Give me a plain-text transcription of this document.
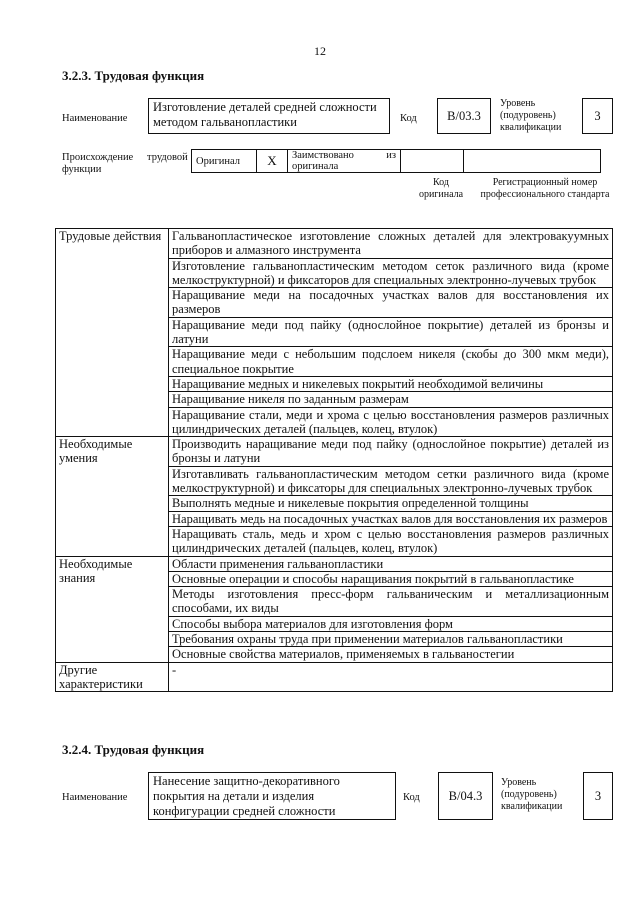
12
3.2.3. Трудовая функция
Наименование
Изготовление деталей средней сложности методом гальванопластики	Код	В/03.3
Уровень (подуровень) квалификации
3
Происхождение трудовой
функции
Оригинал	X	Заимствовано	из

оригинала		
Код оригинала
Регистрационный номер профессионального стандарта
Трудовые действия	Гальванопластическое изготовление сложных деталей для электровакуумных приборов и алмазного инструмента
	Изготовление гальванопластическим методом сеток различного вида (кроме мелкоструктурной) и фиксаторов для специальных электронно-лучевых трубок
	Наращивание меди на посадочных участках валов для восстановления их размеров
	Наращивание меди под пайку (однослойное покрытие) деталей из бронзы и латуни
	Наращивание меди с небольшим подслоем никеля (скобы до 300 мкм меди), специальное покрытие
	Наращивание медных и никелевых покрытий необходимой величины
	Наращивание никеля по заданным размерам
	Наращивание стали, меди и хрома с целью восстановления размеров различных цилиндрических деталей (пальцев, колец, втулок)
Необходимые умения	Производить наращивание меди под пайку (однослойное покрытие) деталей из бронзы и латуни
	Изготавливать гальванопластическим методом сетки различного вида (кроме мелкоструктурной) и фиксаторы для специальных электронно-лучевых трубок
	Выполнять медные и никелевые покрытия определенной толщины
	Наращивать медь на посадочных участках валов для восстановления их размеров
	Наращивать сталь, медь и хром с целью восстановления размеров различных цилиндрических деталей (пальцев, колец, втулок)
Необходимые знания	Области применения гальванопластики
	Основные операции и способы наращивания покрытий в гальванопластике
	Методы изготовления пресс-форм гальваническим и металлизационным способами, их виды
	Способы выбора материалов для изготовления форм
	Требования охраны труда при применении материалов гальванопластики
	Основные свойства материалов, применяемых в гальваностегии
Другие характеристики	-
3.2.4. Трудовая функция
Наименование
Нанесение защитно-декоративного покрытия на детали и изделия конфигурации средней сложности
Код	В/04.3
Уровень (подуровень) квалификации
3
